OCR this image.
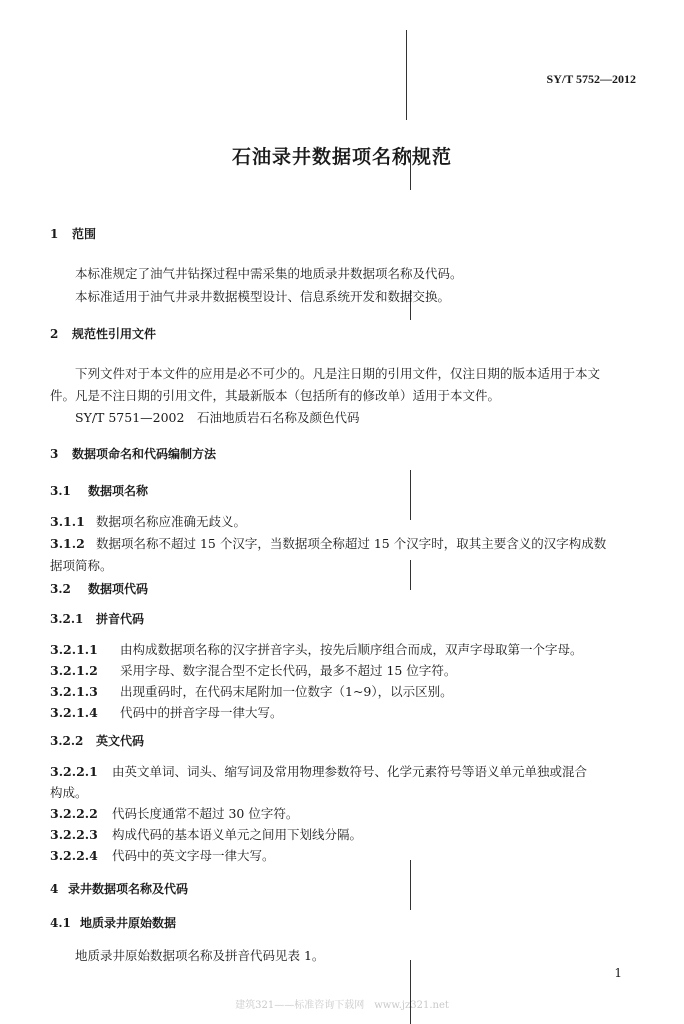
SY/T 5752—2012
石油录井数据项名称规范
1 范围
本标准规定了油气井钻探过程中需采集的地质录井数据项名称及代码。
本标准适用于油气井录井数据模型设计、信息系统开发和数据交换。
2 规范性引用文件
下列文件对于本文件的应用是必不可少的。凡是注日期的引用文件，仅注日期的版本适用于本文
件。凡是不注日期的引用文件，其最新版本（包括所有的修改单）适用于本文件。
SY/T 5751—2002　石油地质岩石名称及颜色代码
3 数据项命名和代码编制方法
3.1 数据项名称
3.1.1 数据项名称应准确无歧义。
3.1.2 数据项名称不超过 15 个汉字，当数据项全称超过 15 个汉字时，取其主要含义的汉字构成数
据项简称。
3.2 数据项代码
3.2.1 拼音代码
3.2.1.1 由构成数据项名称的汉字拼音字头，按先后顺序组合而成，双声字母取第一个字母。
3.2.1.2 采用字母、数字混合型不定长代码，最多不超过 15 位字符。
3.2.1.3 出现重码时，在代码末尾附加一位数字（1~9），以示区别。
3.2.1.4 代码中的拼音字母一律大写。
3.2.2 英文代码
3.2.2.1 由英文单词、词头、缩写词及常用物理参数符号、化学元素符号等语义单元单独或混合
构成。
3.2.2.2 代码长度通常不超过 30 位字符。
3.2.2.3 构成代码的基本语义单元之间用下划线分隔。
3.2.2.4 代码中的英文字母一律大写。
4 录井数据项名称及代码
4.1 地质录井原始数据
地质录井原始数据项名称及拼音代码见表 1。
1
建筑321——标准咨询下载网　www.jz321.net
